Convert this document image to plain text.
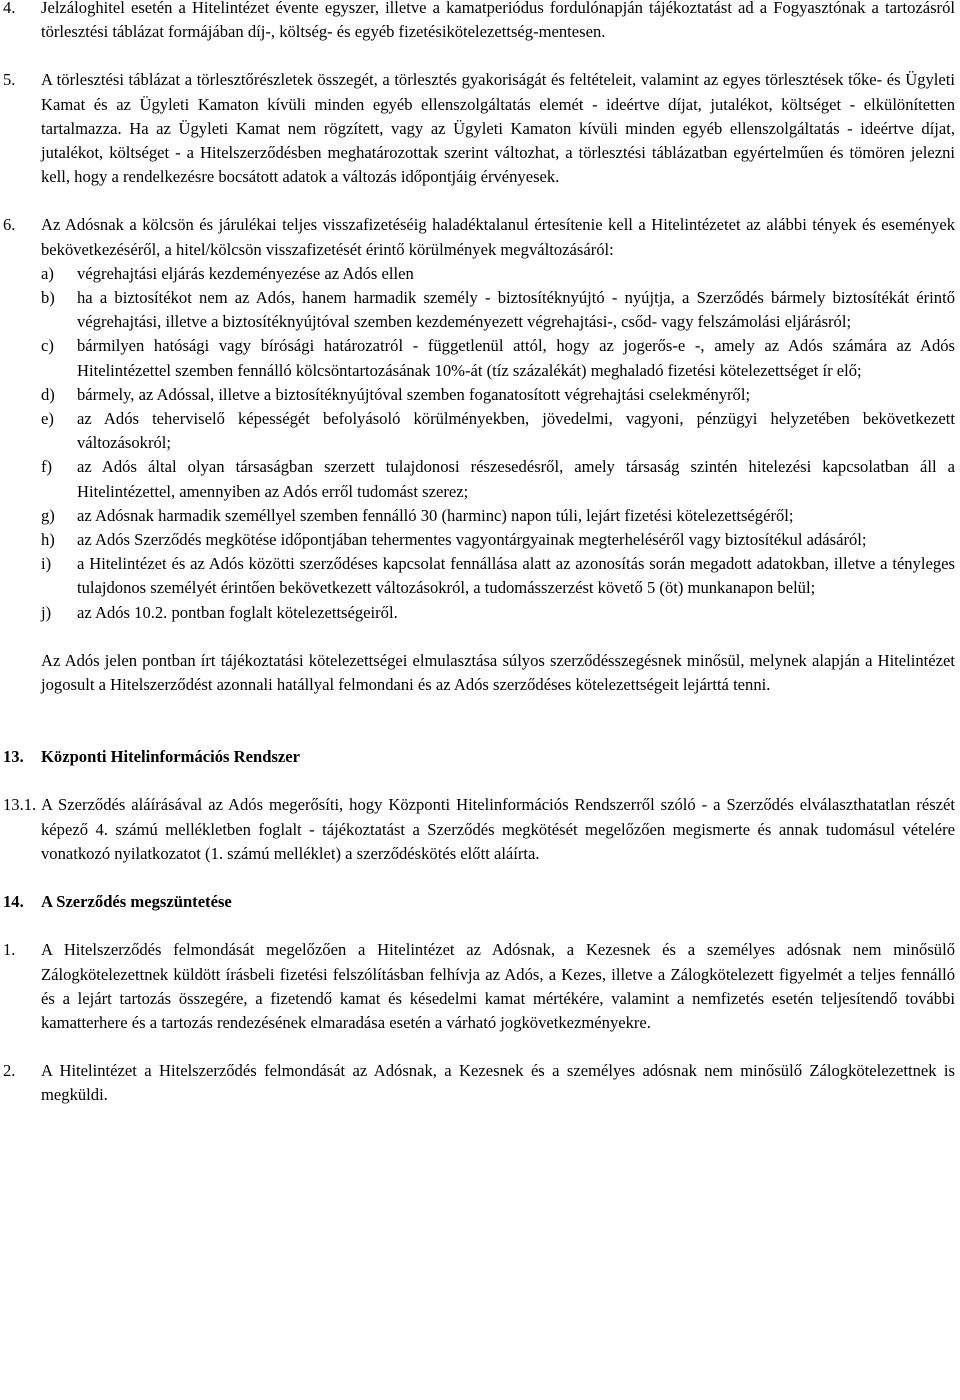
4. Jelzáloghitel esetén a Hitelintézet évente egyszer, illetve a kamatperiódus fordulónapján tájékoztatást ad a Fogyasztónak a tartozásról törlesztési táblázat formájában díj-, költség- és egyéb fizetésikötelezettség-mentesen.
5. A törlesztési táblázat a törlesztőrészletek összegét, a törlesztés gyakoriságát és feltételeit, valamint az egyes törlesztések tőke- és Ügyleti Kamat és az Ügyleti Kamaton kívüli minden egyéb ellenszolgáltatás elemét - ideértve díjat, jutalékot, költséget - elkülönítetten tartalmazza. Ha az Ügyleti Kamat nem rögzített, vagy az Ügyleti Kamaton kívüli minden egyéb ellenszolgáltatás - ideértve díjat, jutalékot, költséget - a Hitelszerződésben meghatározottak szerint változhat, a törlesztési táblázatban egyértelműen és tömören jelezni kell, hogy a rendelkezésre bocsátott adatok a változás időpontjáig érvényesek.
6. Az Adósnak a kölcsön és járulékai teljes visszafizetéséig haladéktalanul értesítenie kell a Hitelintézetet az alábbi tények és események bekövetkezéséről, a hitel/kölcsön visszafizetését érintő körülmények megváltozásáról:
a) végrehajtási eljárás kezdeményezése az Adós ellen
b) ha a biztosítékot nem az Adós, hanem harmadik személy - biztosítéknyújtó - nyújtja, a Szerződés bármely biztosítékát érintő végrehajtási, illetve a biztosítéknyújtóval szemben kezdeményezett végrehajtási-, csőd- vagy felszámolási eljárásról;
c) bármilyen hatósági vagy bírósági határozatról - függetlenül attól, hogy az jogerős-e -, amely az Adós számára az Adós Hitelintézettel szemben fennálló kölcsöntartozásának 10%-át (tíz százalékát) meghaladó fizetési kötelezettséget ír elő;
d) bármely, az Adóssal, illetve a biztosítéknyújtóval szemben foganatosított végrehajtási cselekményről;
e) az Adós teherviselő képességét befolyásoló körülményekben, jövedelmi, vagyoni, pénzügyi helyzetében bekövetkezett változásokról;
f) az Adós által olyan társaságban szerzett tulajdonosi részesedésről, amely társaság szintén hitelezési kapcsolatban áll a Hitelintézettel, amennyiben az Adós erről tudomást szerez;
g) az Adósnak harmadik személlyel szemben fennálló 30 (harminc) napon túli, lejárt fizetési kötelezettségéről;
h) az Adós Szerződés megkötése időpontjában tehermentes vagyontárgyainak megterheléséről vagy biztosítékul adásáról;
i) a Hitelintézet és az Adós közötti szerződéses kapcsolat fennállása alatt az azonosítás során megadott adatokban, illetve a tényleges tulajdonos személyét érintően bekövetkezett változásokról, a tudomásszerzést követő 5 (öt) munkanapon belül;
j) az Adós 10.2. pontban foglalt kötelezettségeiről.
Az Adós jelen pontban írt tájékoztatási kötelezettségei elmulasztása súlyos szerződésszegésnek minősül, melynek alapján a Hitelintézet jogosult a Hitelszerződést azonnali hatállyal felmondani és az Adós szerződéses kötelezettségeit lejárttá tenni.
13. Központi Hitelinformációs Rendszer
13.1. A Szerződés aláírásával az Adós megerősíti, hogy Központi Hitelinformációs Rendszerről szóló - a Szerződés elválaszthatatlan részét képező 4. számú mellékletben foglalt - tájékoztatást a Szerződés megkötését megelőzően megismerte és annak tudomásul vételére vonatkozó nyilatkozatot (1. számú melléklet) a szerződéskötés előtt aláírta.
14. A Szerződés megszüntetése
1. A Hitelszerződés felmondását megelőzően a Hitelintézet az Adósnak, a Kezesnek és a személyes adósnak nem minősülő Zálogkötelezettnek küldött írásbeli fizetési felszólításban felhívja az Adós, a Kezes, illetve a Zálogkötelezett figyelmét a teljes fennálló és a lejárt tartozás összegére, a fizetendő kamat és késedelmi kamat mértékére, valamint a nemfizetés esetén teljesítendő további kamatterhere és a tartozás rendezésének elmaradása esetén a várható jogkövetkezményekre.
2. A Hitelintézet a Hitelszerződés felmondását az Adósnak, a Kezesnek és a személyes adósnak nem minősülő Zálogkötelezettnek is megküldi.
